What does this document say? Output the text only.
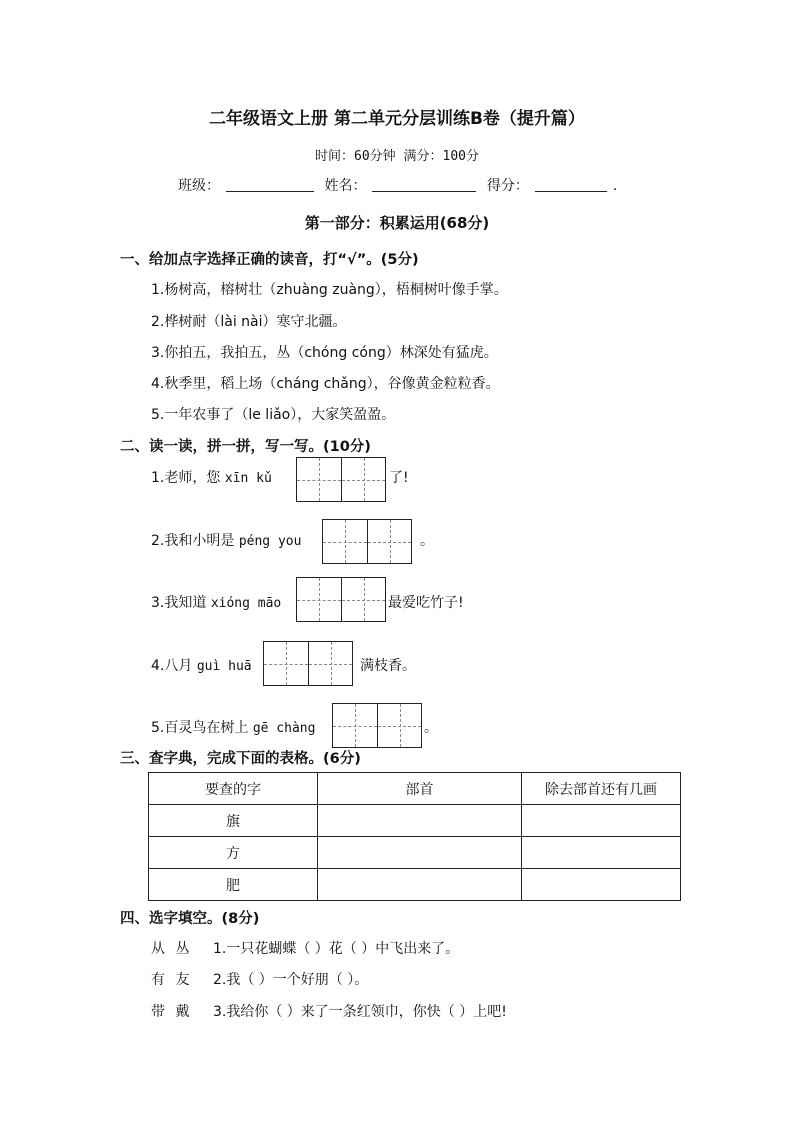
二年级语文上册 第二单元分层训练B卷（提升篇）
时间：60分钟 满分：100分
班级：	姓名：	得分：	.
第一部分：积累运用(68分)
一、给加点字选择正确的读音，打“√”。(5分)
1.杨树高，榕树壮（zhuàng zuàng），梧桐树叶像手掌。
2.桦树耐（lài nài）寒守北疆。
3.你拍五，我拍五，丛（chóng cóng）林深处有猛虎。
4.秋季里，稻上场（cháng chǎng），谷像黄金粒粒香。
5.一年农事了（le liǎo），大家笑盈盈。
二、读一读，拼一拼，写一写。(10分)
1.老师，您 xīn kǔ	了!
2.我和小明是 péng you	。
3.我知道 xióng māo	最爱吃竹子!
4.八月 guì huā	满枝香。
5.百灵鸟在树上 gē chàng	。
三、查字典，完成下面的表格。(6分)
要查的字	部首	除去部首还有几画
旗		
方		
肥		
四、选字填空。(8分)
从 丛 1.一只花蝴蝶（ ）花（ ）中飞出来了。
有 友 2.我（ ）一个好朋（ ）。
带 戴 3.我给你（ ）来了一条红领巾，你快（ ）上吧!
